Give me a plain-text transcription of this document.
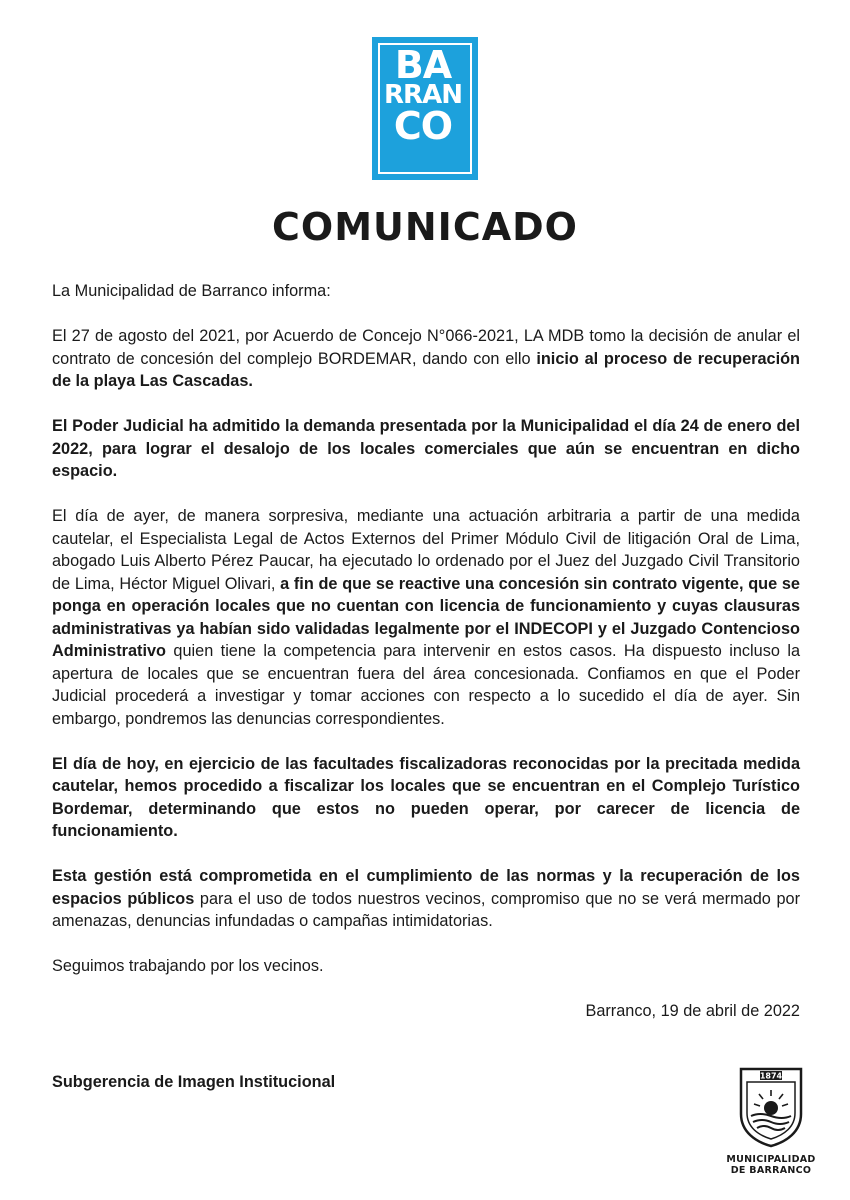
BA
RRAN
CO
COMUNICADO

La Municipalidad de Barranco informa:

El 27 de agosto del 2021, por Acuerdo de Concejo N°066-2021, LA MDB tomo la decisión de anular el contrato de concesión del complejo BORDEMAR, dando con ello inicio al proceso de recuperación de la playa Las Cascadas.

El Poder Judicial ha admitido la demanda presentada por la Municipalidad el día 24 de enero del 2022, para lograr el desalojo de los locales comerciales que aún se encuentran en dicho espacio.

El día de ayer, de manera sorpresiva, mediante una actuación arbitraria a partir de una medida cautelar, el Especialista Legal de Actos Externos del Primer Módulo Civil de litigación Oral de Lima, abogado Luis Alberto Pérez Paucar, ha ejecutado lo ordenado por el Juez del Juzgado Civil Transitorio de Lima, Héctor Miguel Olivari, a fin de que se reactive una concesión sin contrato vigente, que se ponga en operación locales que no cuentan con licencia de funcionamiento y cuyas clausuras administrativas ya habían sido validadas legalmente por el INDECOPI y el Juzgado Contencioso Administrativo quien tiene la competencia para intervenir en estos casos. Ha dispuesto incluso la apertura de locales que se encuentran fuera del área concesionada. Confiamos en que el Poder Judicial procederá a investigar y tomar acciones con respecto a lo sucedido el día de ayer. Sin embargo, pondremos las denuncias correspondientes.

El día de hoy, en ejercicio de las facultades fiscalizadoras reconocidas por la precitada medida cautelar, hemos procedido a fiscalizar los locales que se encuentran en el Complejo Turístico Bordemar, determinando que estos no pueden operar, por carecer de licencia de funcionamiento.

Esta gestión está comprometida en el cumplimiento de las normas y la recuperación de los espacios públicos para el uso de todos nuestros vecinos, compromiso que no se verá mermado por amenazas, denuncias infundadas o campañas intimidatorias.

Seguimos trabajando por los vecinos.

Barranco, 19 de abril de 2022

Subgerencia de Imagen Institucional	1874
MUNICIPALIDAD
DE BARRANCO
